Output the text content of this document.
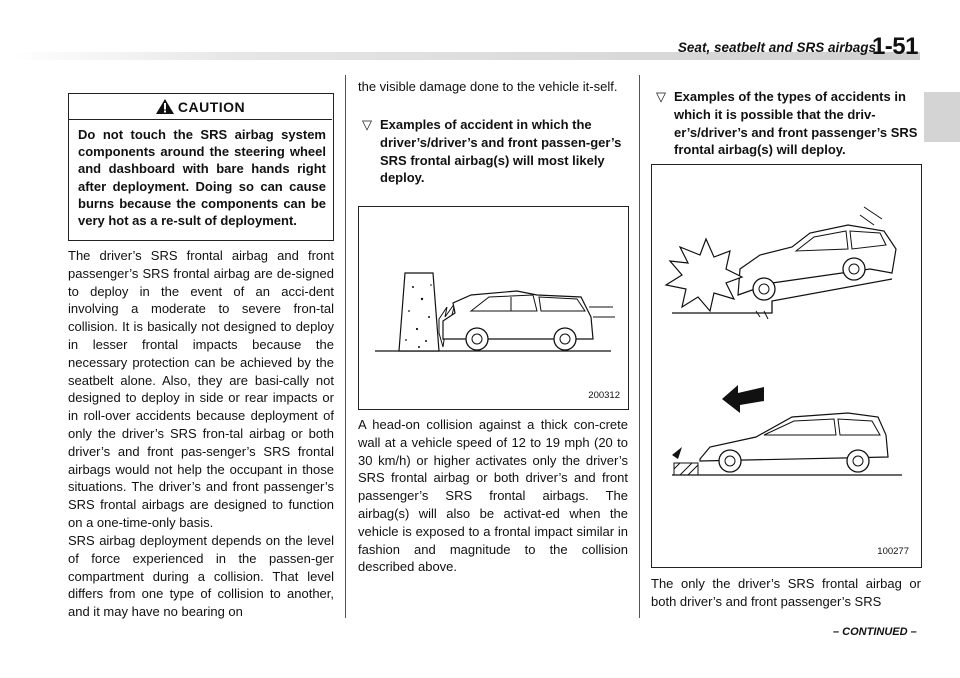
Seat, seatbelt and SRS airbags
1-51
CAUTION
Do not touch the SRS airbag system components around the steering wheel and dashboard with bare hands right after deployment. Doing so can cause burns because the components can be very hot as a re-sult of deployment.
The driver’s SRS frontal airbag and front passenger’s SRS frontal airbag are de-signed to deploy in the event of an acci-dent involving a moderate to severe fron-tal collision. It is basically not designed to deploy in lesser frontal impacts because the necessary protection can be achieved by the seatbelt alone. Also, they are basi-cally not designed to deploy in side or rear impacts or in roll-over accidents because deployment of only the driver’s SRS fron-tal airbag or both driver’s and front pas-senger’s SRS frontal airbags would not help the occupant in those situations. The driver’s and front passenger’s SRS frontal airbags are designed to function on a one-time-only basis.
SRS airbag deployment depends on the level of force experienced in the passen-ger compartment during a collision. That level differs from one type of collision to another, and it may have no bearing on
the visible damage done to the vehicle it-self.
▽ Examples of accident in which the driver’s/driver’s and front passen-ger’s SRS frontal airbag(s) will most likely deploy.
200312
A head-on collision against a thick con-crete wall at a vehicle speed of 12 to 19 mph (20 to 30 km/h) or higher activates only the driver’s SRS frontal airbag or both driver’s and front passenger’s SRS frontal airbags. The airbag(s) will also be activat-ed when the vehicle is exposed to a frontal impact similar in fashion and magnitude to the collision described above.
▽ Examples of the types of accidents in which it is possible that the driv-er’s/driver’s and front passenger’s SRS frontal airbag(s) will deploy.
100277
The only the driver’s SRS frontal airbag or both driver’s and front passenger’s SRS
– CONTINUED –
